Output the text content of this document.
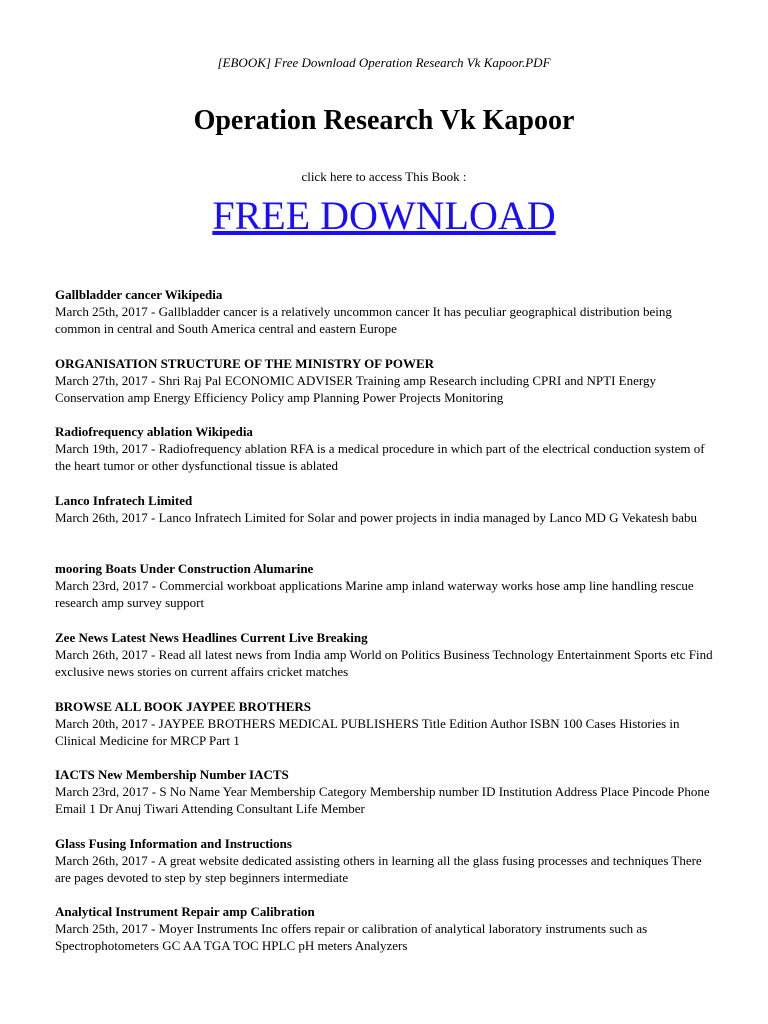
[EBOOK] Free Download Operation Research Vk Kapoor.PDF
Operation Research Vk Kapoor
click here to access This Book :
FREE DOWNLOAD
Gallbladder cancer Wikipedia
March 25th, 2017 - Gallbladder cancer is a relatively uncommon cancer It has peculiar geographical distribution being common in central and South America central and eastern Europe
ORGANISATION STRUCTURE OF THE MINISTRY OF POWER
March 27th, 2017 - Shri Raj Pal ECONOMIC ADVISER Training amp Research including CPRI and NPTI Energy Conservation amp Energy Efficiency Policy amp Planning Power Projects Monitoring
Radiofrequency ablation Wikipedia
March 19th, 2017 - Radiofrequency ablation RFA is a medical procedure in which part of the electrical conduction system of the heart tumor or other dysfunctional tissue is ablated
Lanco Infratech Limited
March 26th, 2017 - Lanco Infratech Limited for Solar and power projects in india managed by Lanco MD G Vekatesh babu
mooring Boats Under Construction Alumarine
March 23rd, 2017 - Commercial workboat applications Marine amp inland waterway works hose amp line handling rescue research amp survey support
Zee News Latest News Headlines Current Live Breaking
March 26th, 2017 - Read all latest news from India amp World on Politics Business Technology Entertainment Sports etc Find exclusive news stories on current affairs cricket matches
BROWSE ALL BOOK JAYPEE BROTHERS
March 20th, 2017 - JAYPEE BROTHERS MEDICAL PUBLISHERS Title Edition Author ISBN 100 Cases Histories in Clinical Medicine for MRCP Part 1
IACTS New Membership Number IACTS
March 23rd, 2017 - S No Name Year Membership Category Membership number ID Institution Address Place Pincode Phone Email 1 Dr Anuj Tiwari Attending Consultant Life Member
Glass Fusing Information and Instructions
March 26th, 2017 - A great website dedicated assisting others in learning all the glass fusing processes and techniques There are pages devoted to step by step beginners intermediate
Analytical Instrument Repair amp Calibration
March 25th, 2017 - Moyer Instruments Inc offers repair or calibration of analytical laboratory instruments such as Spectrophotometers GC AA TGA TOC HPLC pH meters Analyzers
